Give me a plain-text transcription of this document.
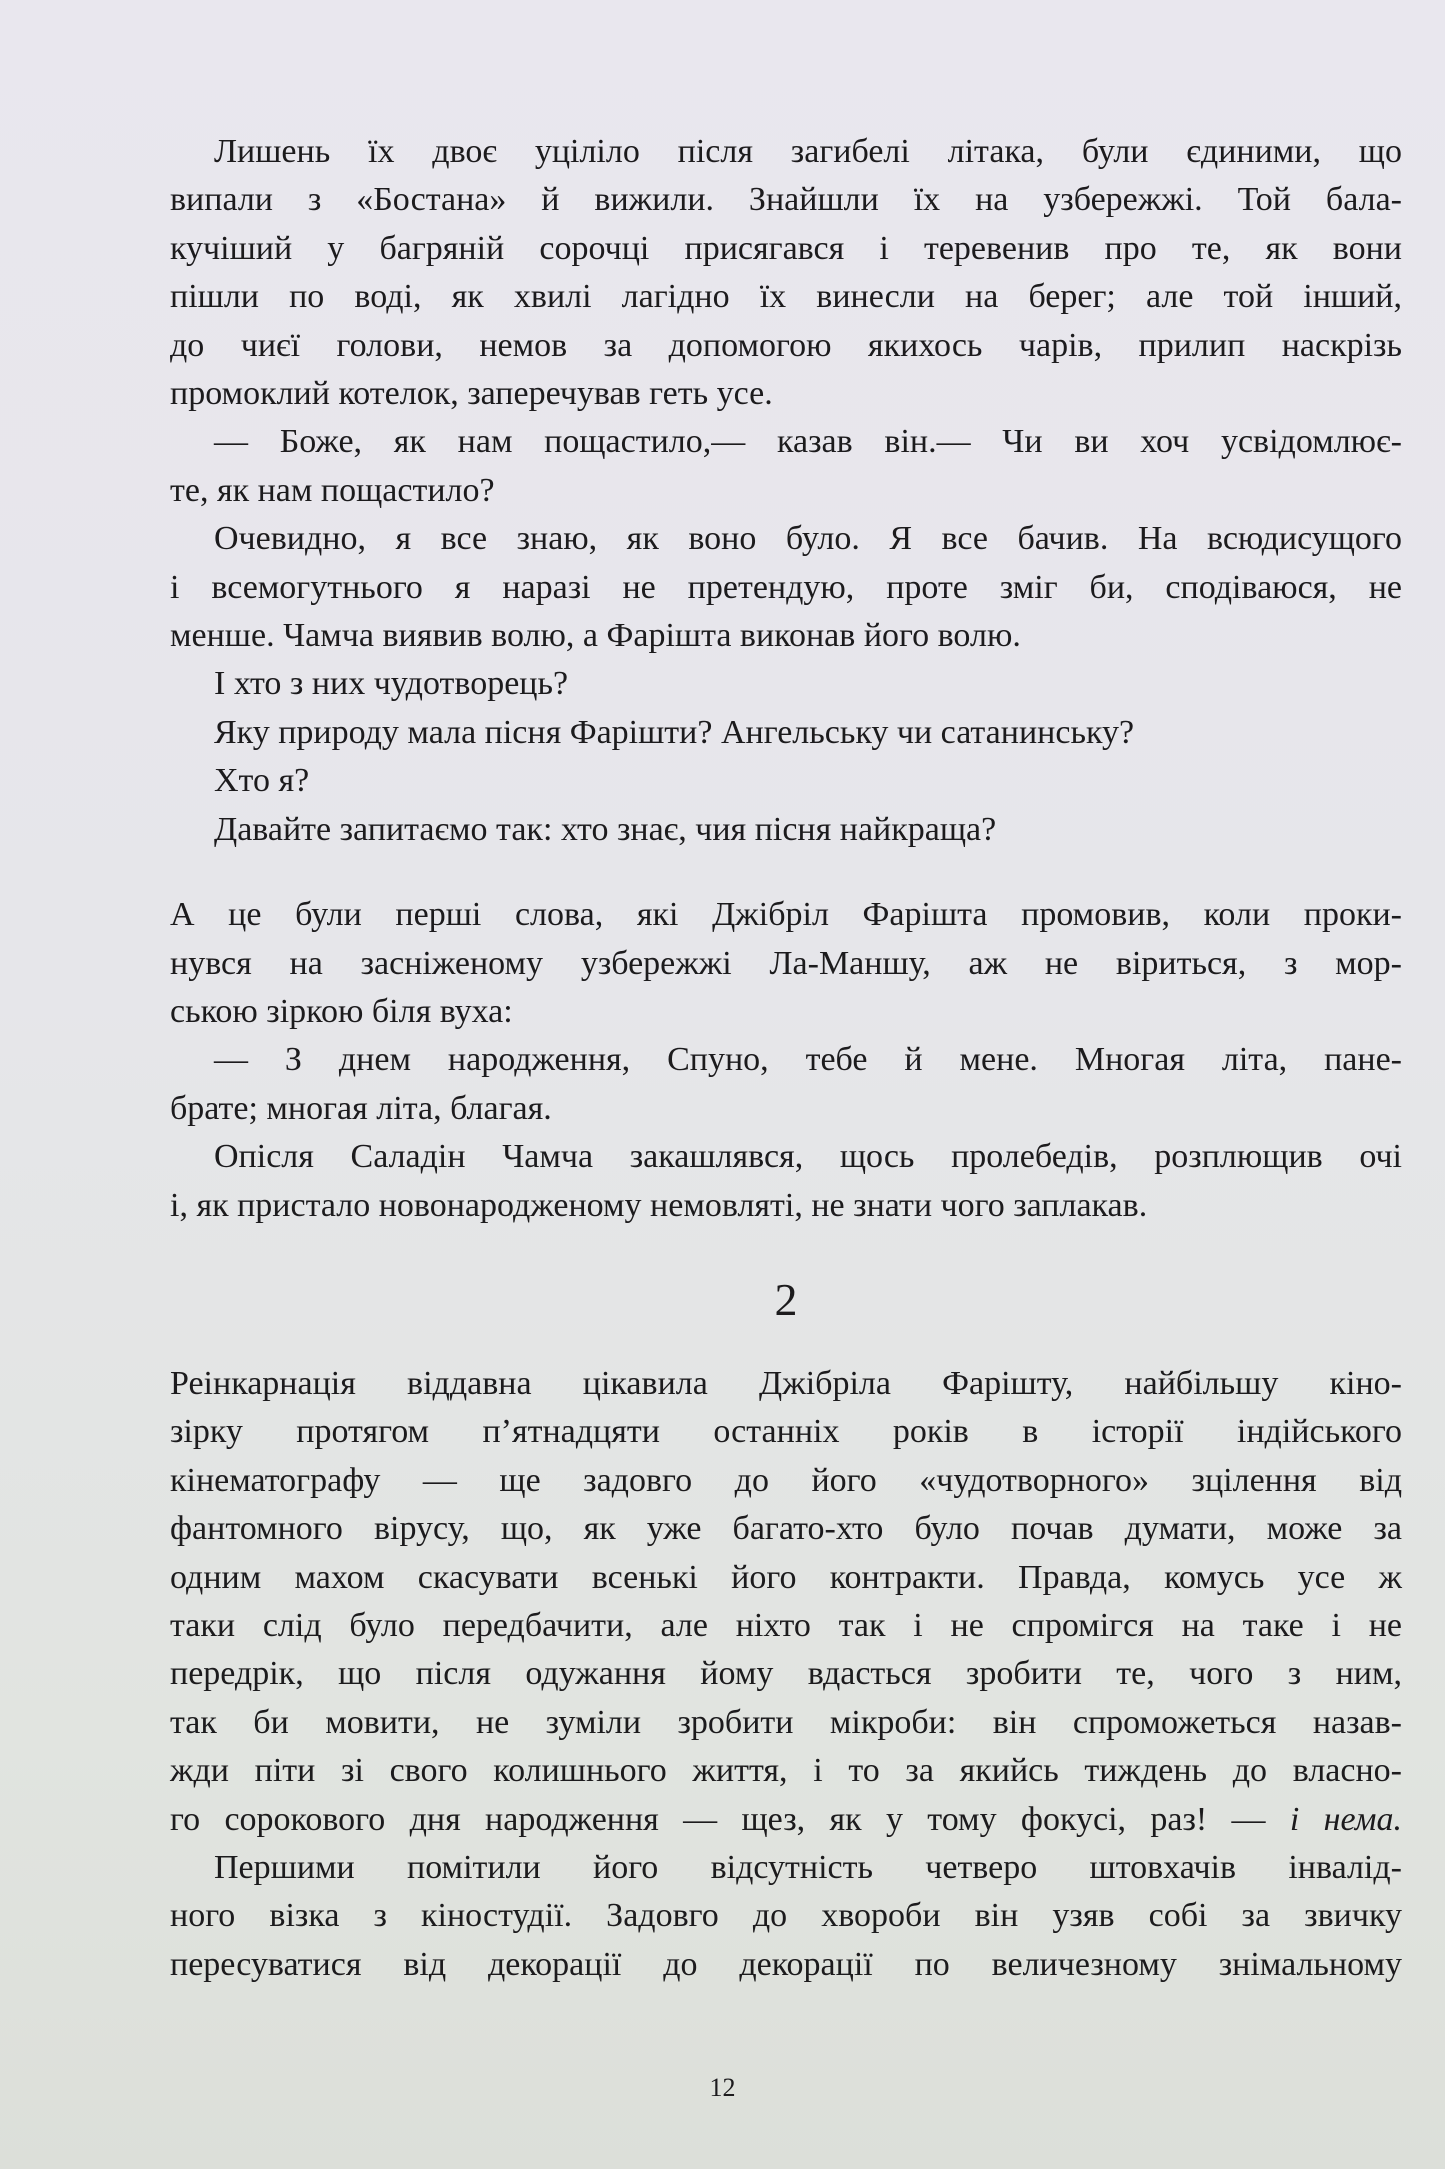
Лишень їх двоє уціліло після загибелі літака, були єдиними, що
випали з «Бостана» й вижили. Знайшли їх на узбережжі. Той бала-
кучіший у багряній сорочці присягався і теревенив про те, як вони
пішли по воді, як хвилі лагідно їх винесли на берег; але той інший,
до чиєї голови, немов за допомогою якихось чарів, прилип наскрізь
промоклий котелок, заперечував геть усе.
— Боже, як нам пощастило,— казав він.— Чи ви хоч усвідомлює-
те, як нам пощастило?
Очевидно, я все знаю, як воно було. Я все бачив. На всюдисущого
і всемогутнього я наразі не претендую, проте зміг би, сподіваюся, не
менше. Чамча виявив волю, а Фарішта виконав його волю.
І хто з них чудотворець?
Яку природу мала пісня Фарішти? Ангельську чи сатанинську?
Хто я?
Давайте запитаємо так: хто знає, чия пісня найкраща?
А це були перші слова, які Джібріл Фарішта промовив, коли проки-
нувся на засніженому узбережжі Ла-Маншу, аж не віриться, з мор-
ською зіркою біля вуха:
— З днем народження, Спуно, тебе й мене. Многая літа, пане-
брате; многая літа, благая.
Опісля Саладін Чамча закашлявся, щось пролебедів, розплющив очі
і, як пристало новонародженому немовляті, не знати чого заплакав.
2
Реінкарнація віддавна цікавила Джібріла Фарішту, найбільшу кіно-
зірку протягом п’ятнадцяти останніх років в історії індійського
кінематографу — ще задовго до його «чудотворного» зцілення від
фантомного вірусу, що, як уже багато-хто було почав думати, може за
одним махом скасувати всенькі його контракти. Правда, комусь усе ж
таки слід було передбачити, але ніхто так і не спромігся на таке і не
передрік, що після одужання йому вдасться зробити те, чого з ним,
так би мовити, не зуміли зробити мікроби: він спроможеться назав-
жди піти зі свого колишнього життя, і то за якийсь тиждень до власно-
го сорокового дня народження — щез, як у тому фокусі, раз! — і нема.
Першими помітили його відсутність четверо штовхачів інвалід-
ного візка з кіностудії. Задовго до хвороби він узяв собі за звичку
пересуватися від декорації до декорації по величезному знімальному
12
